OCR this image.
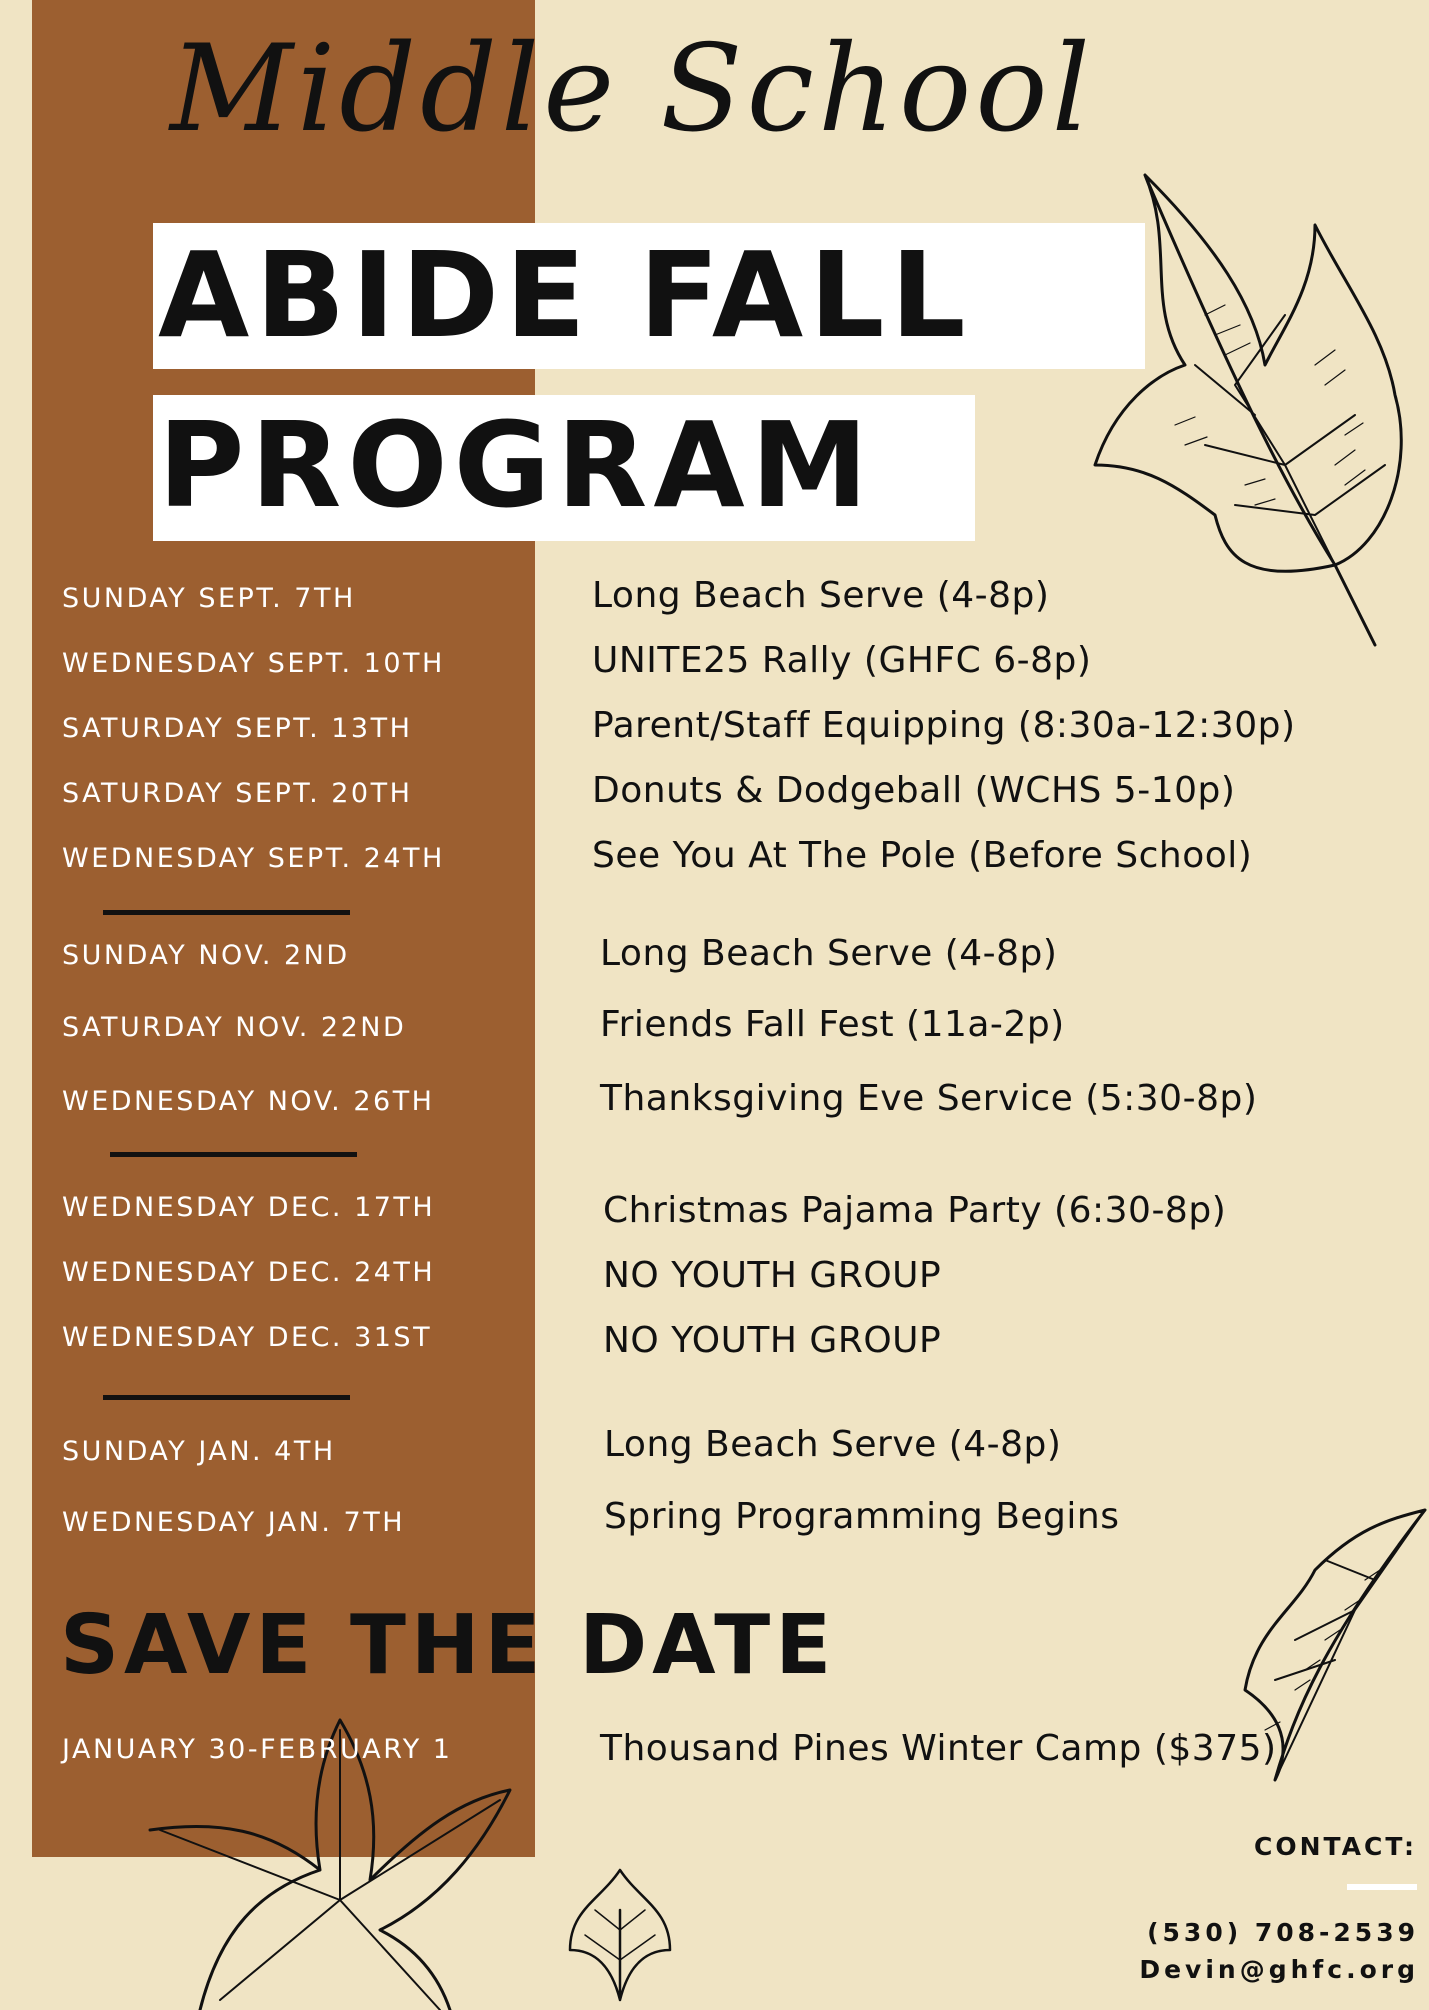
Middle School
ABIDE FALL
PROGRAM
SUNDAY SEPT. 7TH	Long Beach Serve (4-8p)
WEDNESDAY SEPT. 10TH	UNITE25 Rally (GHFC 6-8p)
SATURDAY SEPT. 13TH	Parent/Staff Equipping (8:30a-12:30p)
SATURDAY SEPT. 20TH	Donuts & Dodgeball (WCHS 5-10p)
WEDNESDAY SEPT. 24TH	See You At The Pole (Before School)
SUNDAY NOV. 2ND	Long Beach Serve (4-8p)
SATURDAY NOV. 22ND	Friends Fall Fest (11a-2p)
WEDNESDAY NOV. 26TH	Thanksgiving Eve Service (5:30-8p)
WEDNESDAY DEC. 17TH	Christmas Pajama Party (6:30-8p)
WEDNESDAY DEC. 24TH	NO YOUTH GROUP
WEDNESDAY DEC. 31ST	NO YOUTH GROUP
SUNDAY JAN. 4TH	Long Beach Serve (4-8p)
WEDNESDAY JAN. 7TH	Spring Programming Begins
SAVE THE DATE
JANUARY 30-FEBRUARY 1	Thousand Pines Winter Camp ($375)
CONTACT:
(530) 708-2539
Devin@ghfc.org
